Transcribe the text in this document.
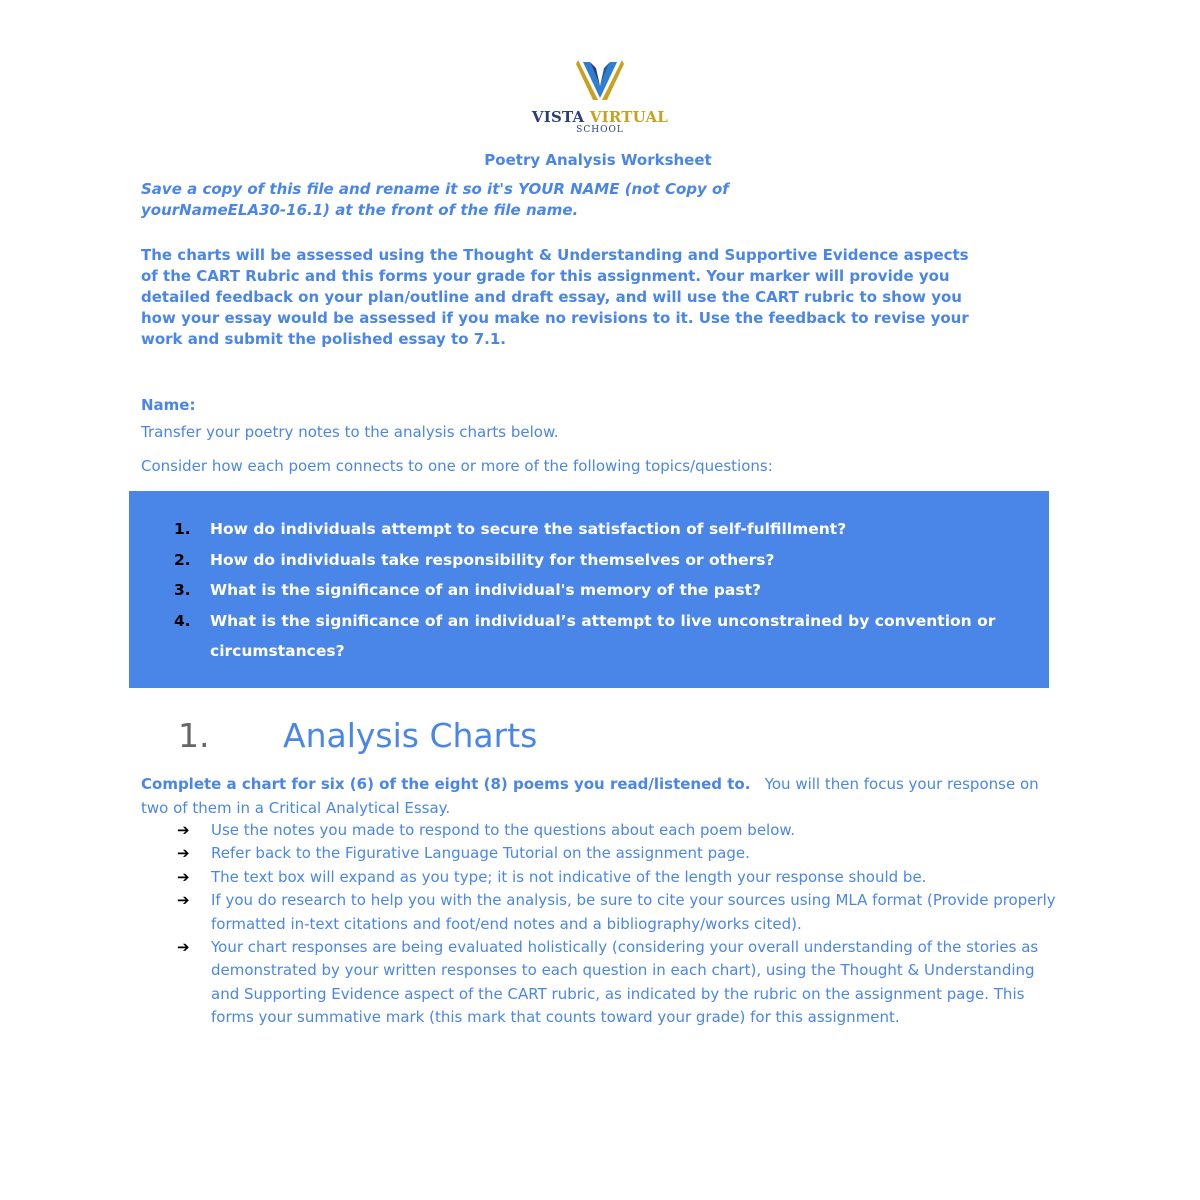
VISTA VIRTUAL
SCHOOL
Poetry Analysis Worksheet
Save a copy of this file and rename it so it's YOUR NAME (not Copy of yourNameELA30-16.1) at the front of the file name.
The charts will be assessed using the Thought & Understanding and Supportive Evidence aspects of the CART Rubric and this forms your grade for this assignment. Your marker will provide you detailed feedback on your plan/outline and draft essay, and will use the CART rubric to show you how your essay would be assessed if you make no revisions to it. Use the feedback to revise your work and submit the polished essay to 7.1.
Name:
Transfer your poetry notes to the analysis charts below.
Consider how each poem connects to one or more of the following topics/questions:
1.	How do individuals attempt to secure the satisfaction of self-fulfillment?
2.	How do individuals take responsibility for themselves or others?
3.	What is the significance of an individual's memory of the past?
4.	What is the significance of an individual’s attempt to live unconstrained by convention or circumstances?
1. Analysis Charts
Complete a chart for six (6) of the eight (8) poems you read/listened to.   You will then focus your response on two of them in a Critical Analytical Essay.
➔	Use the notes you made to respond to the questions about each poem below.
➔	Refer back to the Figurative Language Tutorial on the assignment page.
➔	The text box will expand as you type; it is not indicative of the length your response should be.
➔	If you do research to help you with the analysis, be sure to cite your sources using MLA format (Provide properly formatted in-text citations and foot/end notes and a bibliography/works cited).
➔	Your chart responses are being evaluated holistically (considering your overall understanding of the stories as demonstrated by your written responses to each question in each chart), using the Thought & Understanding and Supporting Evidence aspect of the CART rubric, as indicated by the rubric on the assignment page. This forms your summative mark (this mark that counts toward your grade) for this assignment.
